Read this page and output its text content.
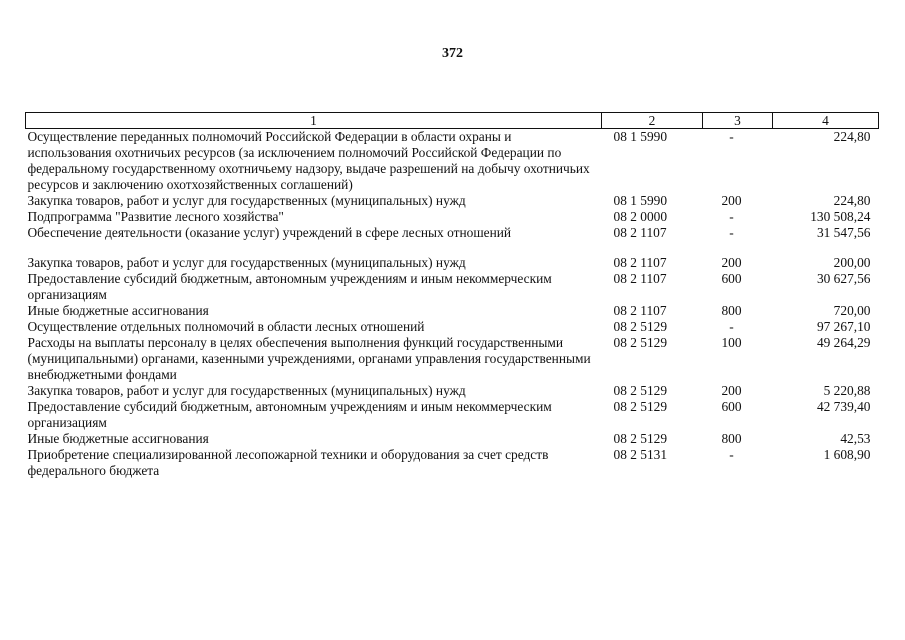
372
1	2	3	4
Осуществление переданных полномочий Российской Федерации в области охраны и использования охотничьих ресурсов (за исключением полномочий Российской Федерации по федеральному государственному охотничьему надзору, выдаче разрешений на добычу охотничьих ресурсов и заключению охотхозяйственных соглашений)	08 1 5990	-	224,80
Закупка товаров, работ и услуг для государственных (муниципальных) нужд	08 1 5990	200	224,80
Подпрограмма "Развитие лесного хозяйства"	08 2 0000	-	130 508,24
Обеспечение деятельности (оказание услуг) учреждений в сфере лесных отношений	08 2 1107	-	31 547,56
Закупка товаров, работ и услуг для государственных (муниципальных) нужд	08 2 1107	200	200,00
Предоставление субсидий бюджетным, автономным учреждениям и иным некоммерческим организациям	08 2 1107	600	30 627,56
Иные бюджетные ассигнования	08 2 1107	800	720,00
Осуществление отдельных полномочий в области лесных отношений	08 2 5129	-	97 267,10
Расходы на выплаты персоналу в целях обеспечения выполнения функций государственными (муниципальными) органами, казенными учреждениями, органами управления государственными внебюджетными фондами	08 2 5129	100	49 264,29
Закупка товаров, работ и услуг для государственных (муниципальных) нужд	08 2 5129	200	5 220,88
Предоставление субсидий бюджетным, автономным учреждениям и иным некоммерческим организациям	08 2 5129	600	42 739,40
Иные бюджетные ассигнования	08 2 5129	800	42,53
Приобретение специализированной лесопожарной техники и оборудования за счет средств федерального бюджета	08 2 5131	-	1 608,90
